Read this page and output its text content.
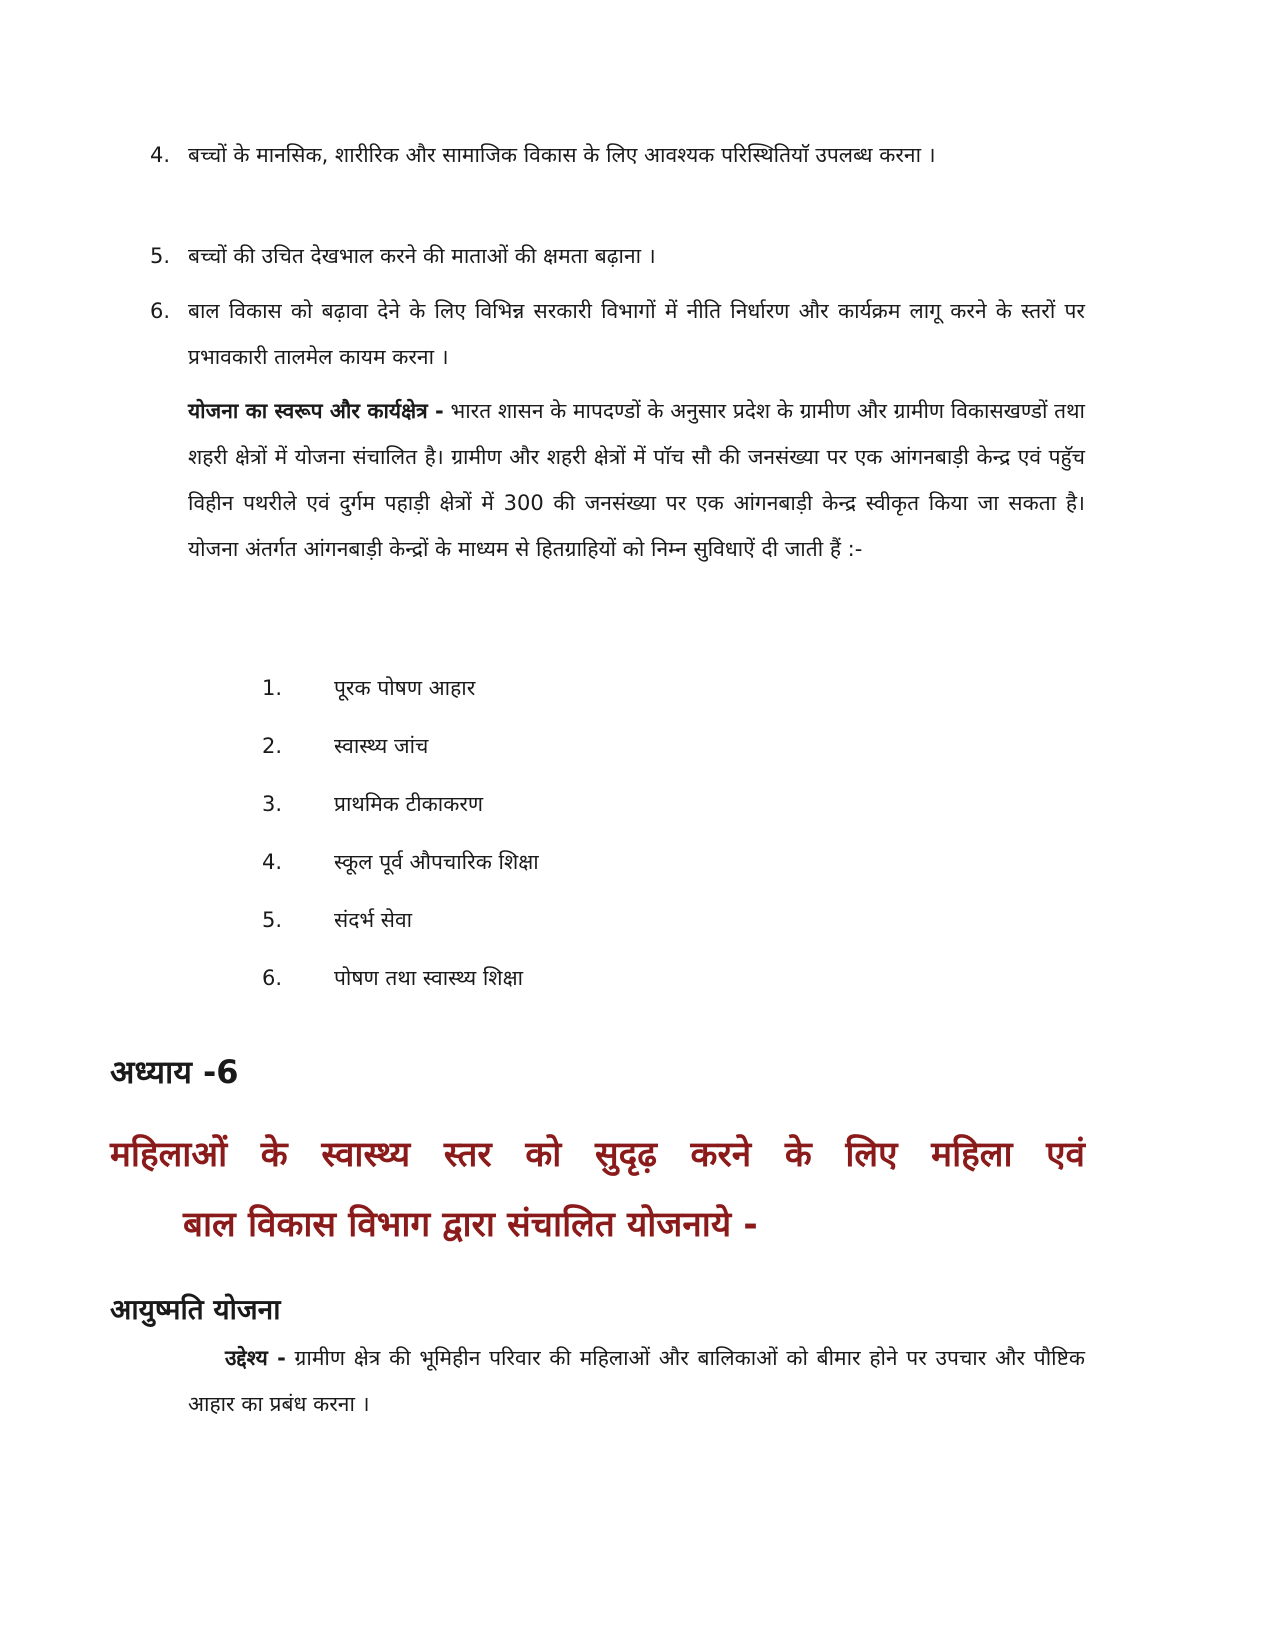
4. बच्चों के मानसिक, शारीरिक और सामाजिक विकास के लिए आवश्यक परिस्थितियाॅ उपलब्ध करना ।
5. बच्चों की उचित देखभाल करने की माताओं की क्षमता बढ़ाना ।
6. बाल विकास को बढ़ावा देने के लिए विभिन्न सरकारी विभागों में नीति निर्धारण और कार्यक्रम लागू करने के स्तरों पर प्रभावकारी तालमेल कायम करना ।
योजना का स्वरूप और कार्यक्षेत्र - भारत शासन के मापदण्डों के अनुसार प्रदेश के ग्रामीण और ग्रामीण विकासखण्डों तथा शहरी क्षेत्रों में योजना संचालित है। ग्रामीण और शहरी क्षेत्रों में पाॅच सौ की जनसंख्या पर एक आंगनबाड़ी केन्द्र एवं पहुॅच विहीन पथरीले एवं दुर्गम पहाड़ी क्षेत्रों में 300 की जनसंख्या पर एक आंगनबाड़ी केन्द्र स्वीकृत किया जा सकता है। योजना अंतर्गत आंगनबाड़ी केन्द्रों के माध्यम से हितग्राहियों को निम्न सुविधाऐं दी जाती हैं :-
1. पूरक पोषण आहार
2. स्वास्थ्य जांच
3. प्राथमिक टीकाकरण
4. स्कूल पूर्व औपचारिक शिक्षा
5. संदर्भ सेवा
6. पोषण तथा स्वास्थ्य शिक्षा
अध्याय -6
महिलाओं के स्वास्थ्य स्तर को सुदृढ़ करने के लिए महिला एवं
बाल विकास विभाग द्वारा संचालित योजनाये -
आयुष्मति योजना
उद्देश्य - ग्रामीण क्षेत्र की भूमिहीन परिवार की महिलाओं और बालिकाओं को बीमार होने पर उपचार और पौष्टिक आहार का प्रबंध करना ।
